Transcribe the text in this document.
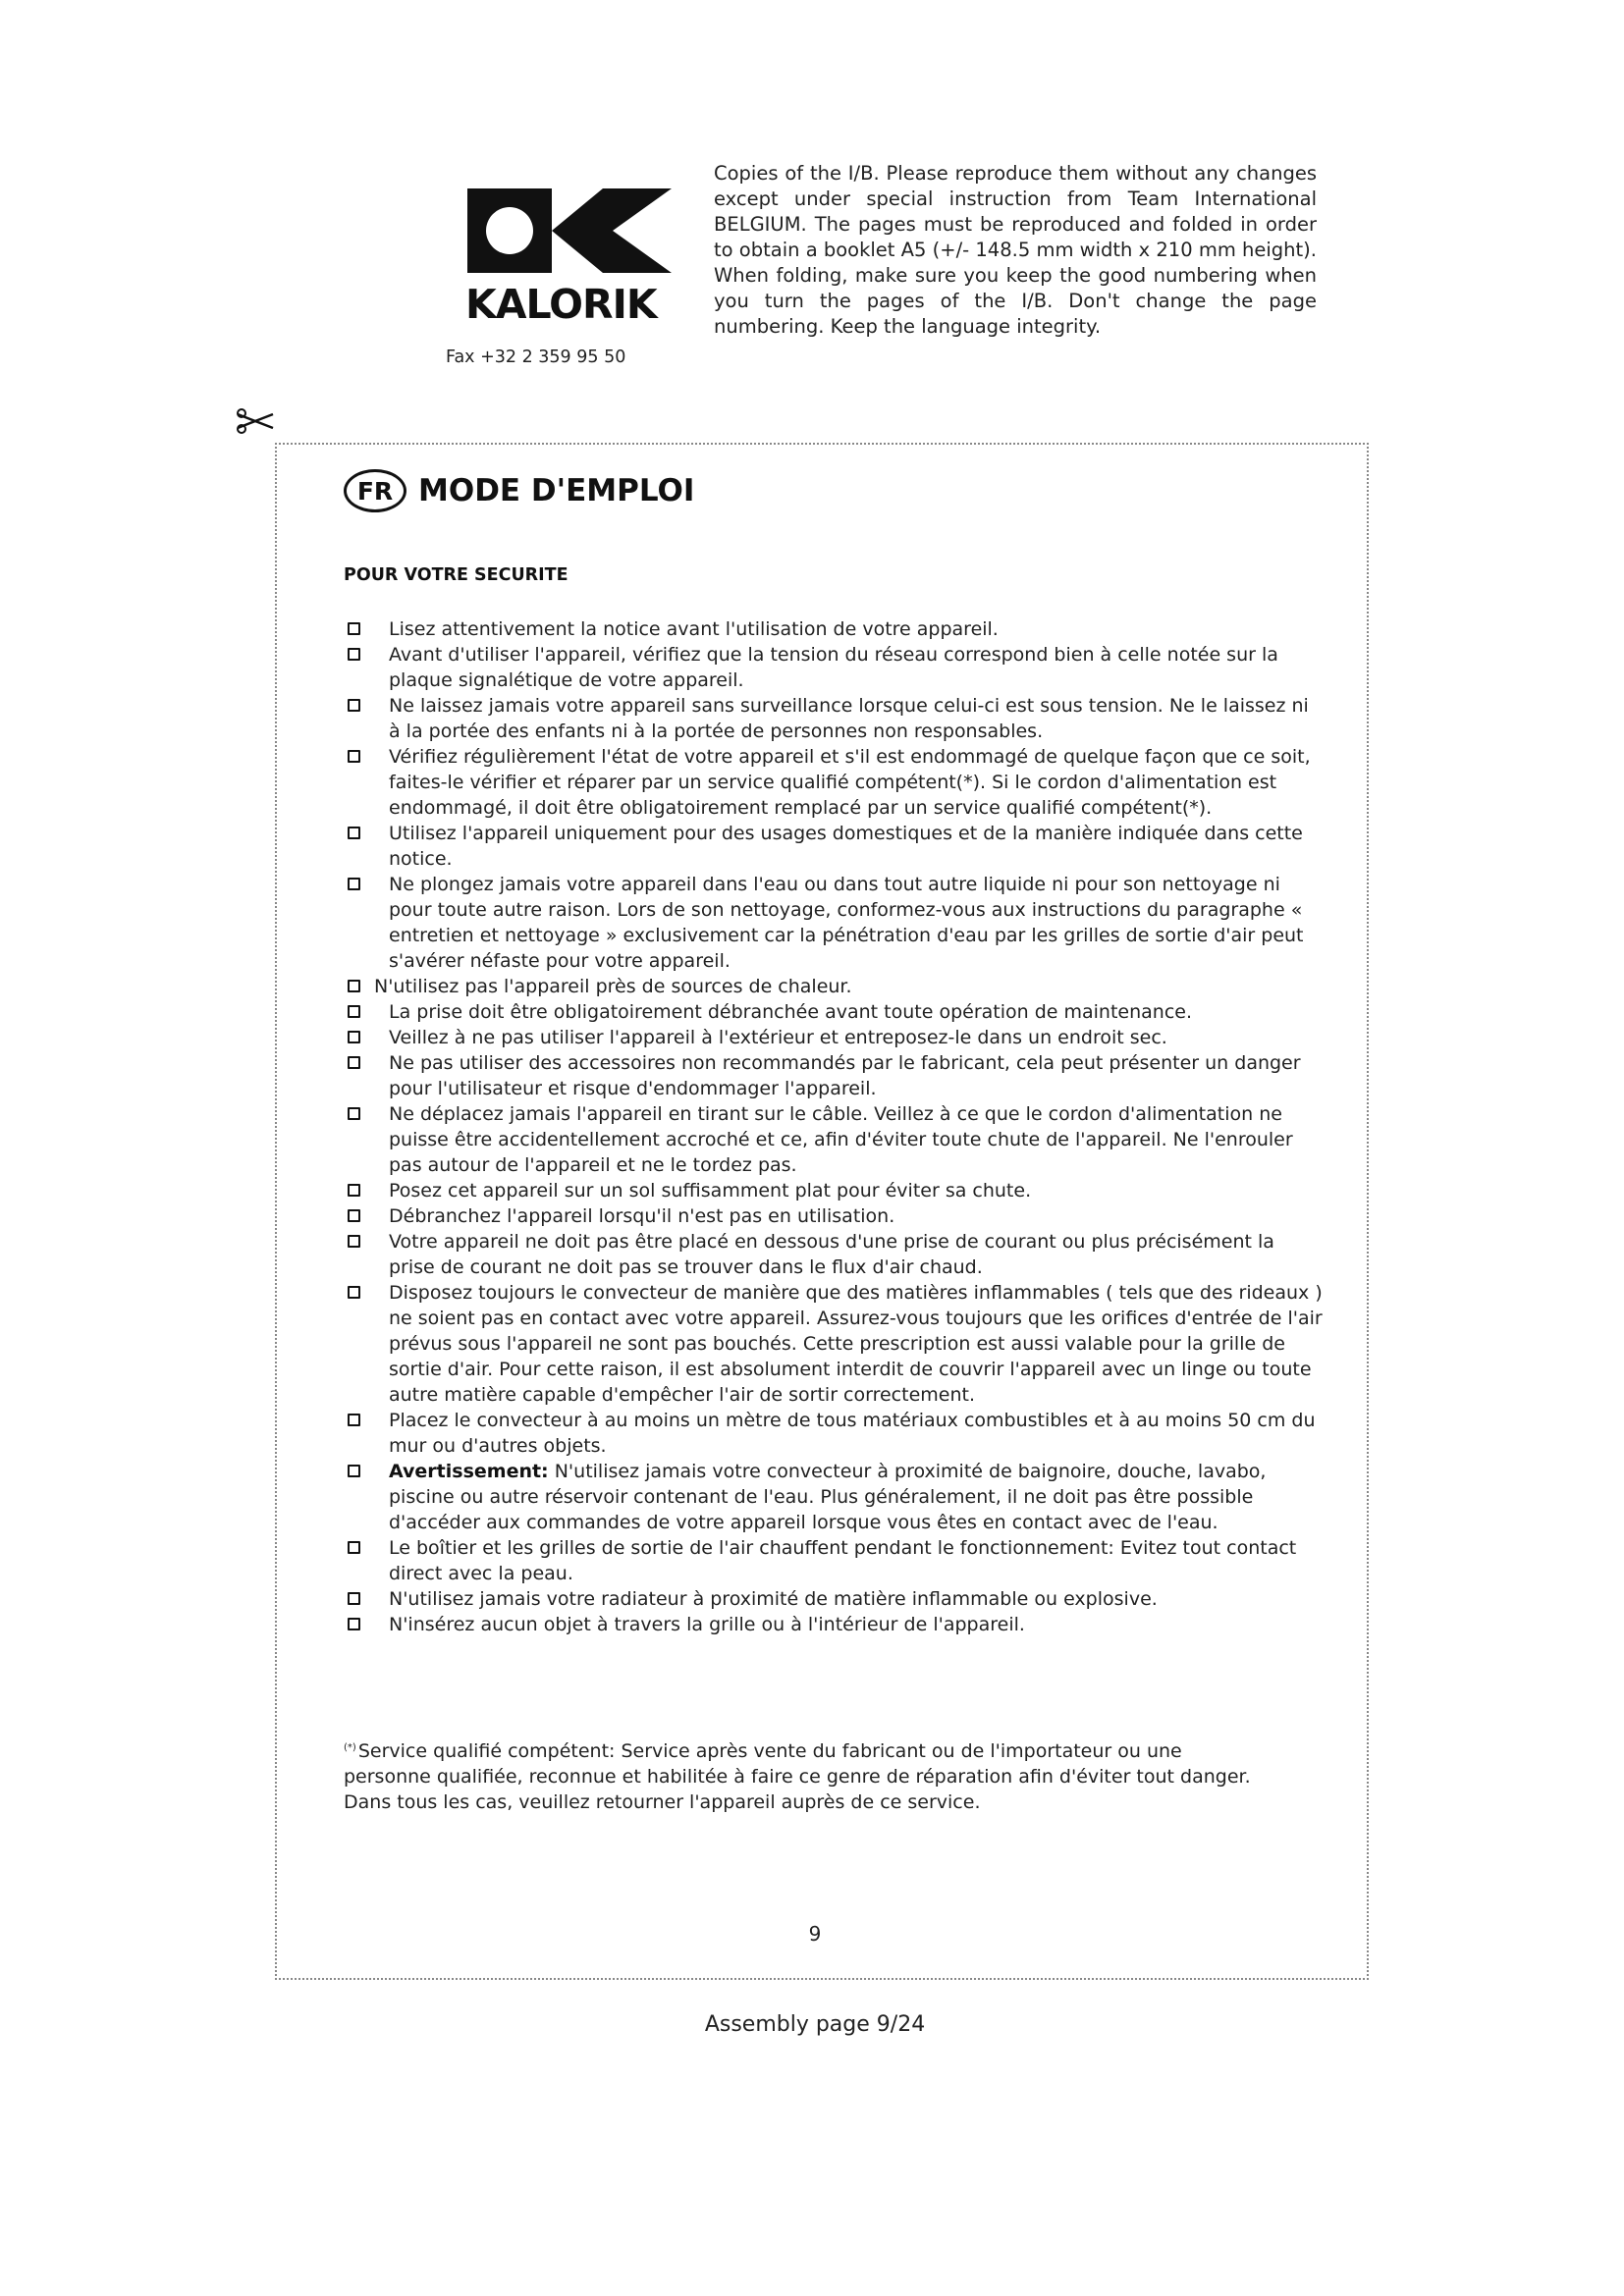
KALORIK
Fax +32 2 359 95 50
Copies of the I/B. Please reproduce them without any changes except under special instruction from Team International BELGIUM. The pages must be reproduced and folded in order to obtain a booklet A5 (+/- 148.5 mm width x 210 mm height). When folding, make sure you keep the good numbering when you turn the pages of the I/B. Don't change the page numbering. Keep the language integrity.
FR MODE D'EMPLOI
POUR VOTRE SECURITE
Lisez attentivement la notice avant l'utilisation de votre appareil.
Avant d'utiliser l'appareil, vérifiez que la tension du réseau correspond bien à celle notée sur la plaque signalétique de votre appareil.
Ne laissez jamais votre appareil sans surveillance lorsque celui-ci est sous tension. Ne le laissez ni à la portée des enfants ni à la portée de personnes non responsables.
Vérifiez régulièrement l'état de votre appareil et s'il est endommagé de quelque façon que ce soit, faites-le vérifier et réparer par un service qualifié compétent(*). Si le cordon d'alimentation est endommagé, il doit être obligatoirement remplacé par un service qualifié compétent(*).
Utilisez l'appareil uniquement pour des usages domestiques et de la manière indiquée dans cette notice.
Ne plongez jamais votre appareil dans l'eau ou dans tout autre liquide ni pour son nettoyage ni pour toute autre raison. Lors de son nettoyage, conformez-vous aux instructions du paragraphe « entretien et nettoyage » exclusivement car la pénétration d'eau par les grilles de sortie d'air peut s'avérer néfaste pour votre appareil.
N'utilisez pas l'appareil près de sources de chaleur.
La prise doit être obligatoirement débranchée avant toute opération de maintenance.
Veillez à ne pas utiliser l'appareil à l'extérieur et entreposez-le dans un endroit sec.
Ne pas utiliser des accessoires non recommandés par le fabricant, cela peut présenter un danger pour l'utilisateur et risque d'endommager l'appareil.
Ne déplacez jamais l'appareil en tirant sur le câble. Veillez à ce que le cordon d'alimentation ne puisse être accidentellement accroché et ce, afin d'éviter toute chute de l'appareil. Ne l'enrouler pas autour de l'appareil et ne le tordez pas.
Posez cet appareil sur un sol suffisamment plat pour éviter sa chute.
Débranchez l'appareil lorsqu'il n'est pas en utilisation.
Votre appareil ne doit pas être placé en dessous d'une prise de courant ou plus précisément la prise de courant ne doit pas se trouver dans le flux d'air chaud.
Disposez toujours le convecteur de manière que des matières inflammables ( tels que des rideaux ) ne soient pas en contact avec votre appareil. Assurez-vous toujours que les orifices d'entrée de l'air prévus sous l'appareil ne sont pas bouchés. Cette prescription est aussi valable pour la grille de sortie d'air. Pour cette raison, il est absolument interdit de couvrir l'appareil avec un linge ou toute autre matière capable d'empêcher l'air de sortir correctement.
Placez le convecteur à au moins un mètre de tous matériaux combustibles et à au moins 50 cm du mur ou d'autres objets.
Avertissement: N'utilisez jamais votre convecteur à proximité de baignoire, douche, lavabo, piscine ou autre réservoir contenant de l'eau. Plus généralement, il ne doit pas être possible d'accéder aux commandes de votre appareil lorsque vous êtes en contact avec de l'eau.
Le boîtier et les grilles de sortie de l'air chauffent pendant le fonctionnement: Evitez tout contact direct avec la peau.
N'utilisez jamais votre radiateur à proximité de matière inflammable ou explosive.
N'insérez aucun objet à travers la grille ou à l'intérieur de l'appareil.
(*) Service qualifié compétent: Service après vente du fabricant ou de l'importateur ou une personne qualifiée, reconnue et habilitée à faire ce genre de réparation afin d'éviter tout danger. Dans tous les cas, veuillez retourner l'appareil auprès de ce service.
9
Assembly page 9/24
